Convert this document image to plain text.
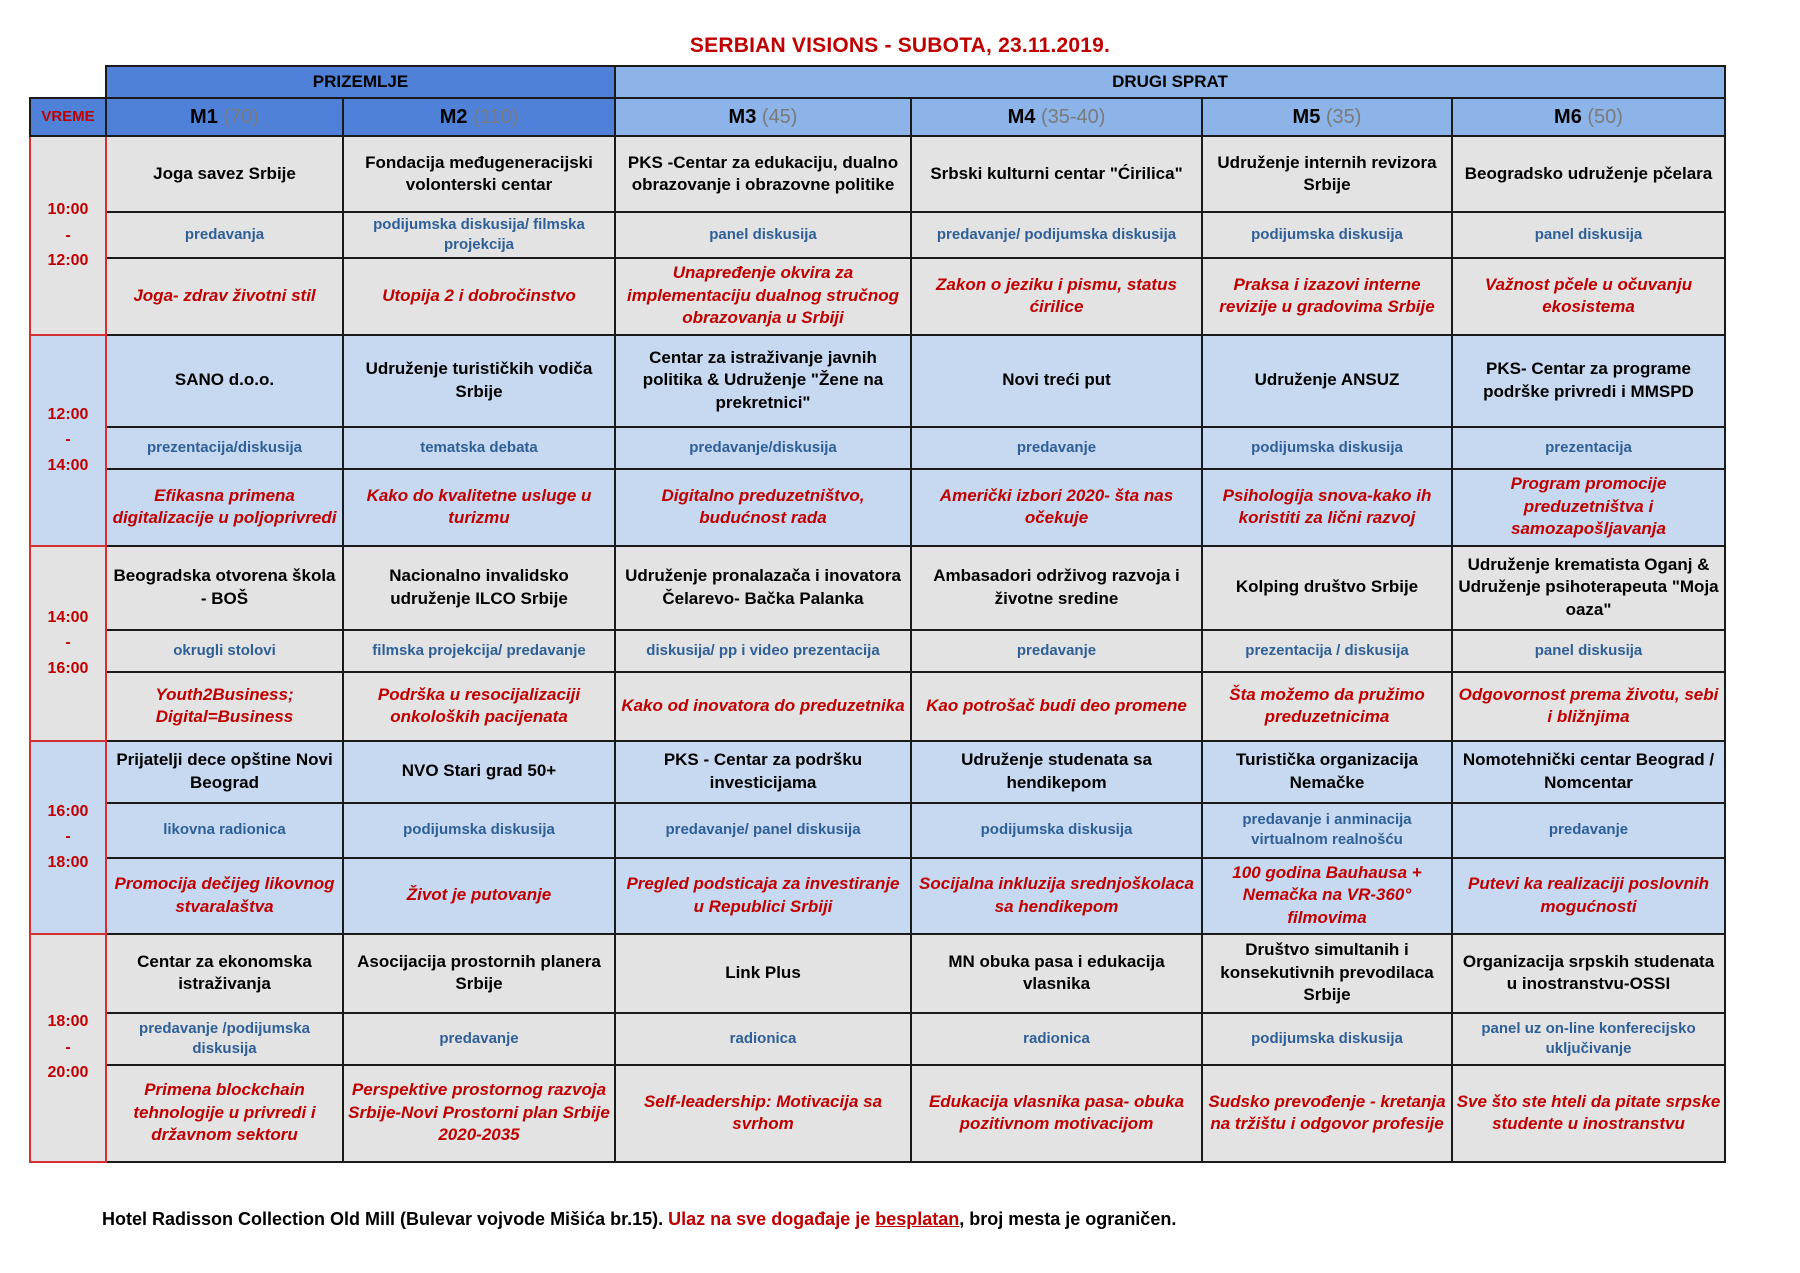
SERBIAN VISIONS - SUBOTA, 23.11.2019.
	PRIZEMLJE		DRUGI SPRAT			
VREME	M1 (70)	M2 (110)	M3 (45)	M4 (35-40)	M5 (35)	M6 (50)

10:00
-
12:00	Joga savez Srbije	Fondacija međugeneracijski volonterski centar	PKS -Centar za edukaciju, dualno obrazovanje i obrazovne politike	Srbski kulturni centar "Ćirilica"	Udruženje internih revizora Srbije	Beogradsko udruženje pčelara
	predavanja	podijumska diskusija/ filmska projekcija	panel diskusija	predavanje/ podijumska diskusija	podijumska diskusija	panel diskusija
	Joga- zdrav životni stil	Utopija 2 i dobročinstvo	Unapređenje okvira za implementaciju dualnog stručnog obrazovanja u Srbiji	Zakon o jeziku i pismu, status ćirilice	Praksa i izazovi interne revizije u gradovima Srbije	Važnost pčele u očuvanju ekosistema

12:00
-
14:00	SANO d.o.o.	Udruženje turističkih vodiča Srbije	Centar za istraživanje javnih politika & Udruženje "Žene na prekretnici"	Novi treći put	Udruženje ANSUZ	PKS- Centar za programe podrške privredi i MMSPD
	prezentacija/diskusija	tematska debata	predavanje/diskusija	predavanje	podijumska diskusija	prezentacija
	Efikasna primena digitalizacije u poljoprivredi	Kako do kvalitetne usluge u turizmu	Digitalno preduzetništvo, budućnost rada	Američki izbori 2020- šta nas očekuje	Psihologija snova-kako ih koristiti za lični razvoj	Program promocije preduzetništva i samozapošljavanja

14:00
-
16:00	Beogradska otvorena škola - BOŠ	Nacionalno invalidsko udruženje ILCO Srbije	Udruženje pronalazača i inovatora Čelarevo- Bačka Palanka	Ambasadori održivog razvoja i životne sredine	Kolping društvo Srbije	Udruženje krematista Oganj & Udruženje psihoterapeuta "Moja oaza"
	okrugli stolovi	filmska projekcija/ predavanje	diskusija/ pp i video prezentacija	predavanje	prezentacija / diskusija	panel diskusija
	Youth2Business; Digital=Business	Podrška u resocijalizaciji onkoloških pacijenata	Kako od inovatora do preduzetnika	Kao potrošač budi deo promene	Šta možemo da pružimo preduzetnicima	Odgovornost prema životu, sebi i bližnjima

16:00
-
18:00	Prijatelji dece opštine Novi Beograd	NVO Stari grad 50+	PKS - Centar za podršku investicijama	Udruženje studenata sa hendikepom	Turistička organizacija Nemačke	Nomotehnički centar Beograd / Nomcentar
	likovna radionica	podijumska diskusija	predavanje/ panel diskusija	podijumska diskusija	predavanje i anminacija virtualnom realnošću	predavanje
	Promocija dečijeg likovnog stvaralaštva	Život je putovanje	Pregled podsticaja za investiranje u Republici Srbiji	Socijalna inkluzija srednjoškolaca sa hendikepom	100 godina Bauhausa + Nemačka na VR-360° filmovima	Putevi ka realizaciji poslovnih mogućnosti

18:00
-
20:00	Centar za ekonomska istraživanja	Asocijacija prostornih planera Srbije	Link Plus	MN obuka pasa i edukacija vlasnika	Društvo simultanih i konsekutivnih prevodilaca Srbije	Organizacija srpskih studenata u inostranstvu-OSSI
	predavanje /podijumska diskusija	predavanje	radionica	radionica	podijumska diskusija	panel uz on-line konferecijsko uključivanje
	Primena blockchain tehnologije u privredi i državnom sektoru	Perspektive prostornog razvoja Srbije-Novi Prostorni plan Srbije 2020-2035	Self-leadership: Motivacija sa svrhom	Edukacija vlasnika pasa- obuka pozitivnom motivacijom	Sudsko prevođenje - kretanja na tržištu i odgovor profesije	Sve što ste hteli da pitate srpske studente u inostranstvu
Hotel Radisson Collection Old Mill (Bulevar vojvode Mišića br.15). Ulaz na sve događaje je besplatan, broj mesta je ograničen.
